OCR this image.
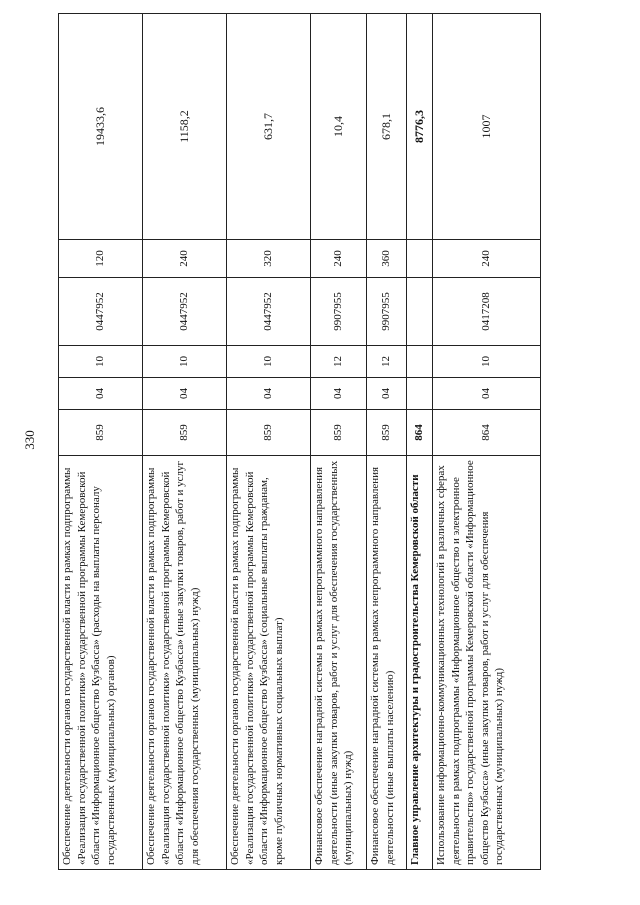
330
Обеспечение деятельности органов государственной власти в рамках подпрограммы «Реализация государственной политики» государственной программы Кемеровской области «Информационное общество Кузбасса» (расходы на выплаты персоналу государственных (муниципальных) органов)	859	04	10	0447952	120	19433,6
Обеспечение деятельности органов государственной власти в рамках подпрограммы «Реализация государственной политики» государственной программы Кемеровской области «Информационное общество Кузбасса» (иные закупки товаров, работ и услуг для обеспечения государственных (муниципальных) нужд)	859	04	10	0447952	240	1158,2
Обеспечение деятельности органов государственной власти в рамках подпрограммы «Реализация государственной политики» государственной программы Кемеровской области «Информационное общество Кузбасса» (социальные выплаты гражданам, кроме публичных нормативных социальных выплат)	859	04	10	0447952	320	631,7
Финансовое обеспечение наградной системы в рамках непрограммного направления деятельности (иные закупки товаров, работ и услуг для обеспечения государственных (муниципальных) нужд)	859	04	12	9907955	240	10,4
Финансовое обеспечение наградной системы в рамках непрограммного направления деятельности (иные выплаты населению)	859	04	12	9907955	360	678,1
Главное управление архитектуры и градостроительства Кемеровской области	864					8776,3
Использование информационно-коммуникационных технологий в различных сферах деятельности в рамках подпрограммы «Информационное общество и электронное правительство» государственной программы Кемеровской области «Информационное общество Кузбасса» (иные закупки товаров, работ и услуг для обеспечения государственных (муниципальных) нужд)	864	04	10	0417208	240	1007
